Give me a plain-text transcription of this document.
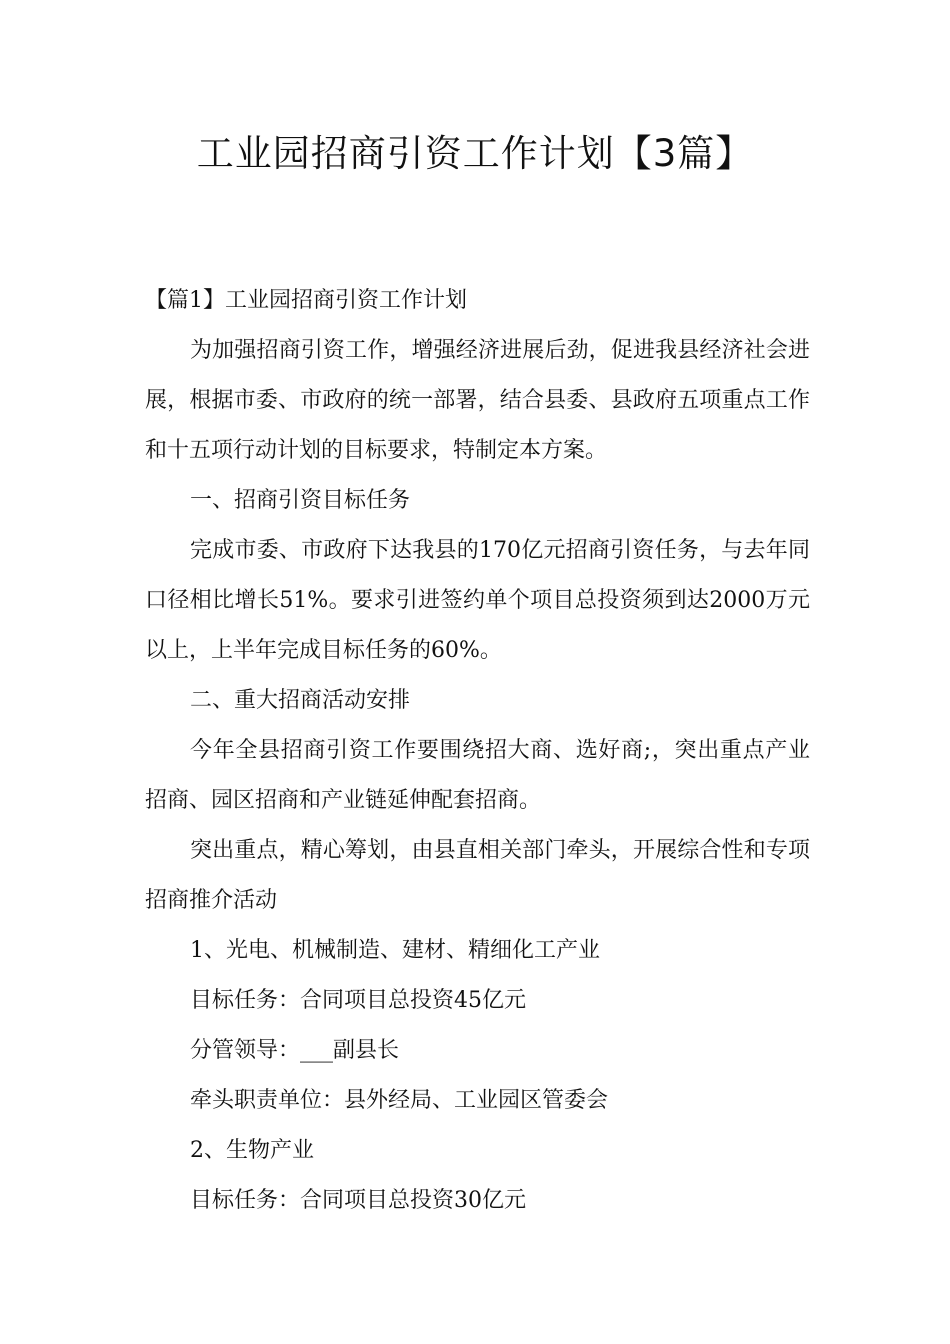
工业园招商引资工作计划【3篇】

【篇1】工业园招商引资工作计划

为加强招商引资工作，增强经济进展后劲，促进我县经济社会进展，根据市委、市政府的统一部署，结合县委、县政府五项重点工作和十五项行动计划的目标要求，特制定本方案。

一、招商引资目标任务

完成市委、市政府下达我县的170亿元招商引资任务，与去年同口径相比增长51%。要求引进签约单个项目总投资须到达2000万元以上，上半年完成目标任务的60%。

二、重大招商活动安排

今年全县招商引资工作要围绕招大商、选好商;，突出重点产业招商、园区招商和产业链延伸配套招商。

突出重点，精心筹划，由县直相关部门牵头，开展综合性和专项招商推介活动

1、光电、机械制造、建材、精细化工产业

目标任务：合同项目总投资45亿元

分管领导：___副县长

牵头职责单位：县外经局、工业园区管委会

2、生物产业

目标任务：合同项目总投资30亿元
